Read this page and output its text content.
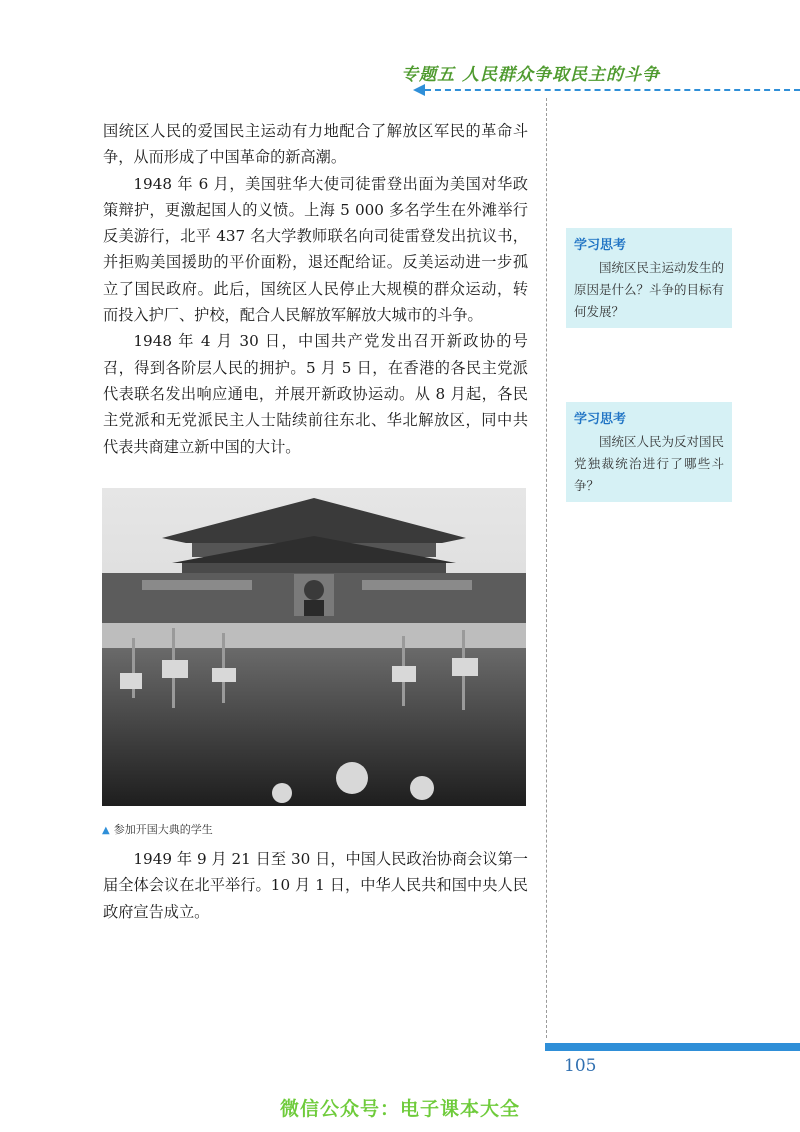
专题五 人民群众争取民主的斗争

国统区人民的爱国民主运动有力地配合了解放区军民的革命斗争，从而形成了中国革命的新高潮。

1948 年 6 月，美国驻华大使司徒雷登出面为美国对华政策辩护，更激起国人的义愤。上海 5 000 多名学生在外滩举行反美游行，北平 437 名大学教师联名向司徒雷登发出抗议书，并拒购美国援助的平价面粉，退还配给证。反美运动进一步孤立了国民政府。此后，国统区人民停止大规模的群众运动，转而投入护厂、护校，配合人民解放军解放大城市的斗争。

1948 年 4 月 30 日，中国共产党发出召开新政协的号召，得到各阶层人民的拥护。5 月 5 日，在香港的各民主党派代表联名发出响应通电，并展开新政协运动。从 8 月起，各民主党派和无党派民主人士陆续前往东北、华北解放区，同中共代表共商建立新中国的大计。

▲ 参加开国大典的学生

1949 年 9 月 21 日至 30 日，中国人民政治协商会议第一届全体会议在北平举行。10 月 1 日，中华人民共和国中央人民政府宣告成立。

学习思考
国统区民主运动发生的原因是什么？斗争的目标有何发展？
学习思考
国统区人民为反对国民党独裁统治进行了哪些斗争？
105
微信公众号：电子课本大全
